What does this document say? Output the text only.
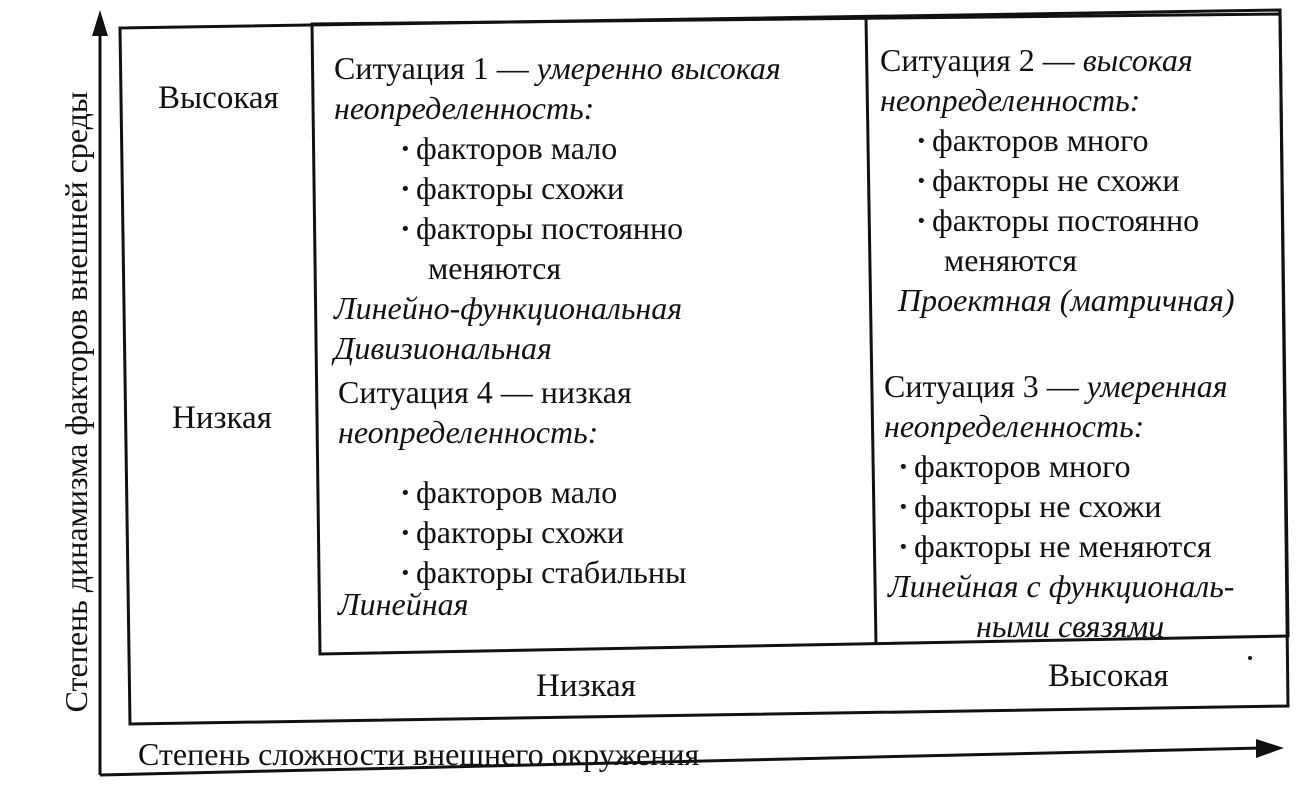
Степень динамизма факторов внешней среды Высокая
Низкая
Степень сложности внешнего окружения
Низкая	Высокая
Ситуация 1 — умеренно высокая
неопределенность:
· факторов мало
· факторы схожи
· факторы постоянно
меняются
Линейно-функциональная
Дивизиональная
Ситуация 2 — высокая
неопределенность:
· факторов много
· факторы не схожи
· факторы постоянно
меняются
Проектная (матричная)
Ситуация 4 — низкая
неопределенность:
· факторов мало
· факторы схожи
· факторы стабильны
Линейная
Ситуация 3 — умеренная
неопределенность:
· факторов много
· факторы не схожи
· факторы не меняются
Линейная с функциональ-
ными связями
